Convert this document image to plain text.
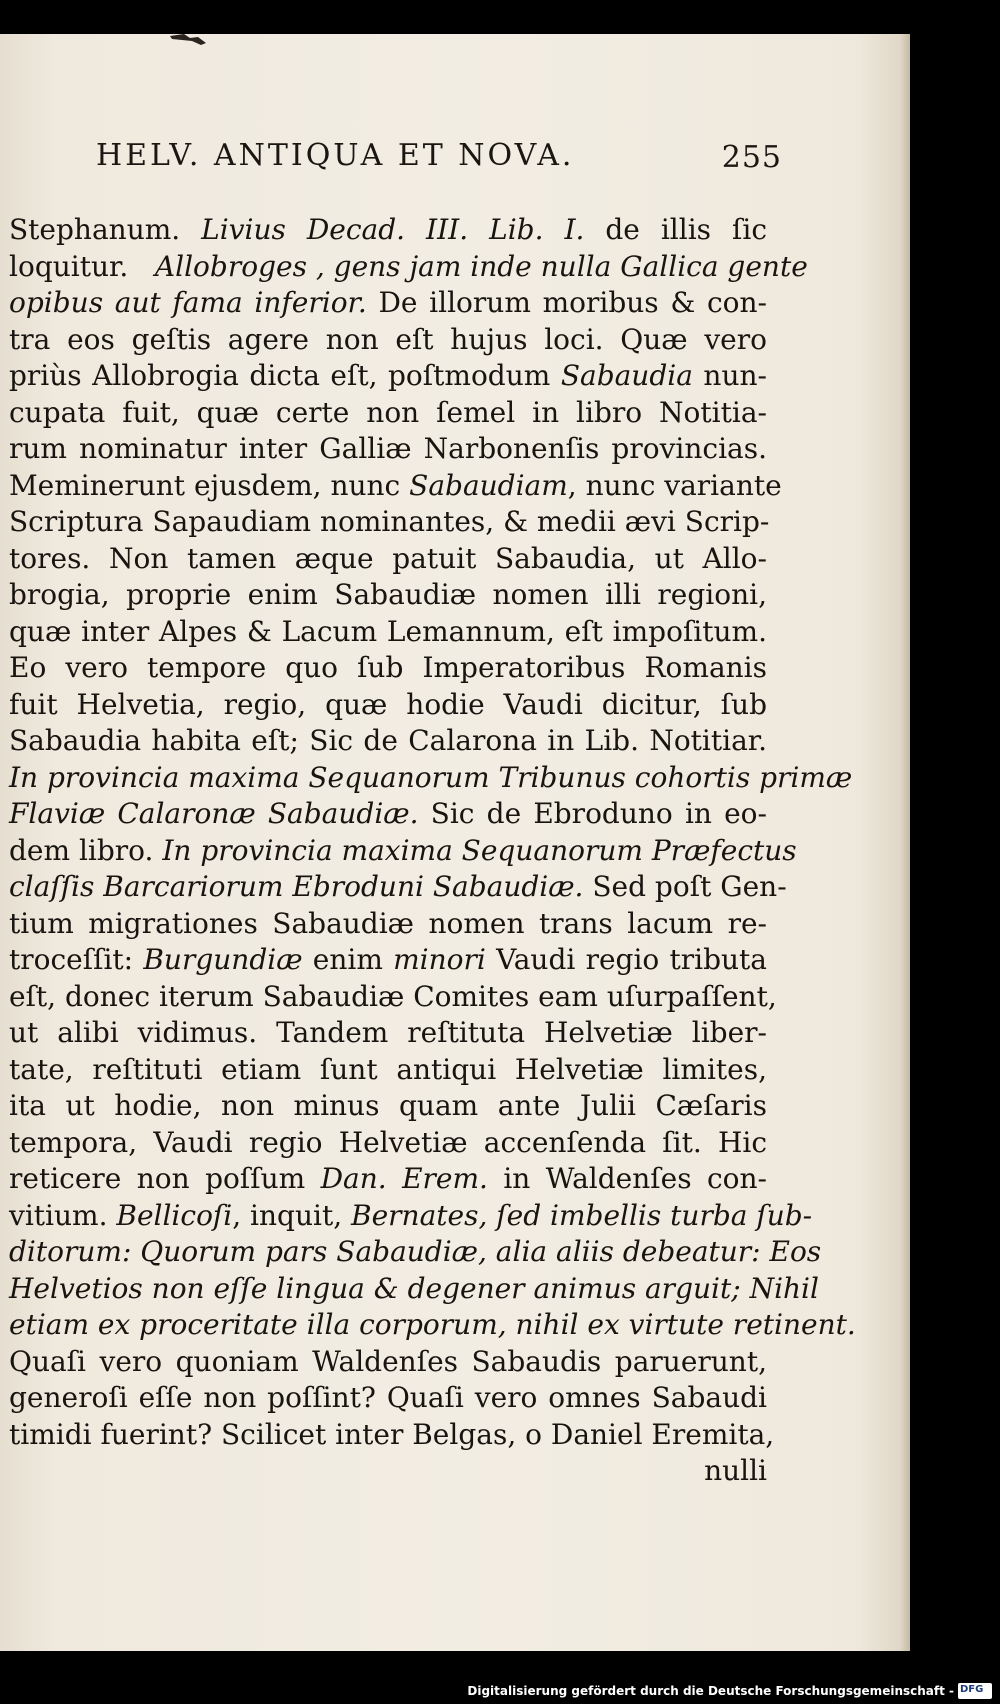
HELV. ANTIQUA ET NOVA.	255
Stephanum. Livius Decad. III. Lib. I. de illis ſic
loquitur.   Allobroges , gens jam inde nulla Gallica gente
opibus aut fama inferior. De illorum moribus & con-
tra eos geſtis agere non eſt hujus loci. Quæ vero
priùs Allobrogia dicta eſt, poſtmodum Sabaudia nun-
cupata fuit, quæ certe non ſemel in libro Notitia-
rum nominatur inter Galliæ Narbonenſis provincias.
Meminerunt ejusdem, nunc Sabaudiam, nunc variante
Scriptura Sapaudiam nominantes, & medii ævi Scrip-
tores. Non tamen æque patuit Sabaudia, ut Allo-
brogia, proprie enim Sabaudiæ nomen illi regioni,
quæ inter Alpes & Lacum Lemannum, eſt impoſitum.
Eo vero tempore quo ſub Imperatoribus Romanis
fuit Helvetia, regio, quæ hodie Vaudi dicitur, ſub
Sabaudia habita eſt; Sic de Calarona in Lib. Notitiar.
In provincia maxima Sequanorum Tribunus cohortis primæ
Flaviæ Calaronæ Sabaudiæ. Sic de Ebroduno in eo-
dem libro. In provincia maxima Sequanorum Præfectus
claſſis Barcariorum Ebroduni Sabaudiæ. Sed poſt Gen-
tium migrationes Sabaudiæ nomen trans lacum re-
troceſſit: Burgundiæ enim minori Vaudi regio tributa
eſt, donec iterum Sabaudiæ Comites eam uſurpaſſent,
ut alibi vidimus. Tandem reſtituta Helvetiæ liber-
tate, reſtituti etiam ſunt antiqui Helvetiæ limites,
ita ut hodie, non minus quam ante Julii Cæſaris
tempora, Vaudi regio Helvetiæ accenſenda ſit. Hic
reticere non poſſum Dan. Erem. in Waldenſes con-
vitium. Bellicoſi, inquit, Bernates, ſed imbellis turba ſub-
ditorum: Quorum pars Sabaudiæ, alia aliis debeatur: Eos
Helvetios non eſſe lingua & degener animus arguit; Nihil
etiam ex proceritate illa corporum, nihil ex virtute retinent.
Quaſi vero quoniam Waldenſes Sabaudis paruerunt,
generoſi eſſe non poſſint? Quaſi vero omnes Sabaudi
timidi fuerint? Scilicet inter Belgas, o Daniel Eremita,
nulli
Digitalisierung gefördert durch die Deutsche Forschungsgemeinschaft - DFG
